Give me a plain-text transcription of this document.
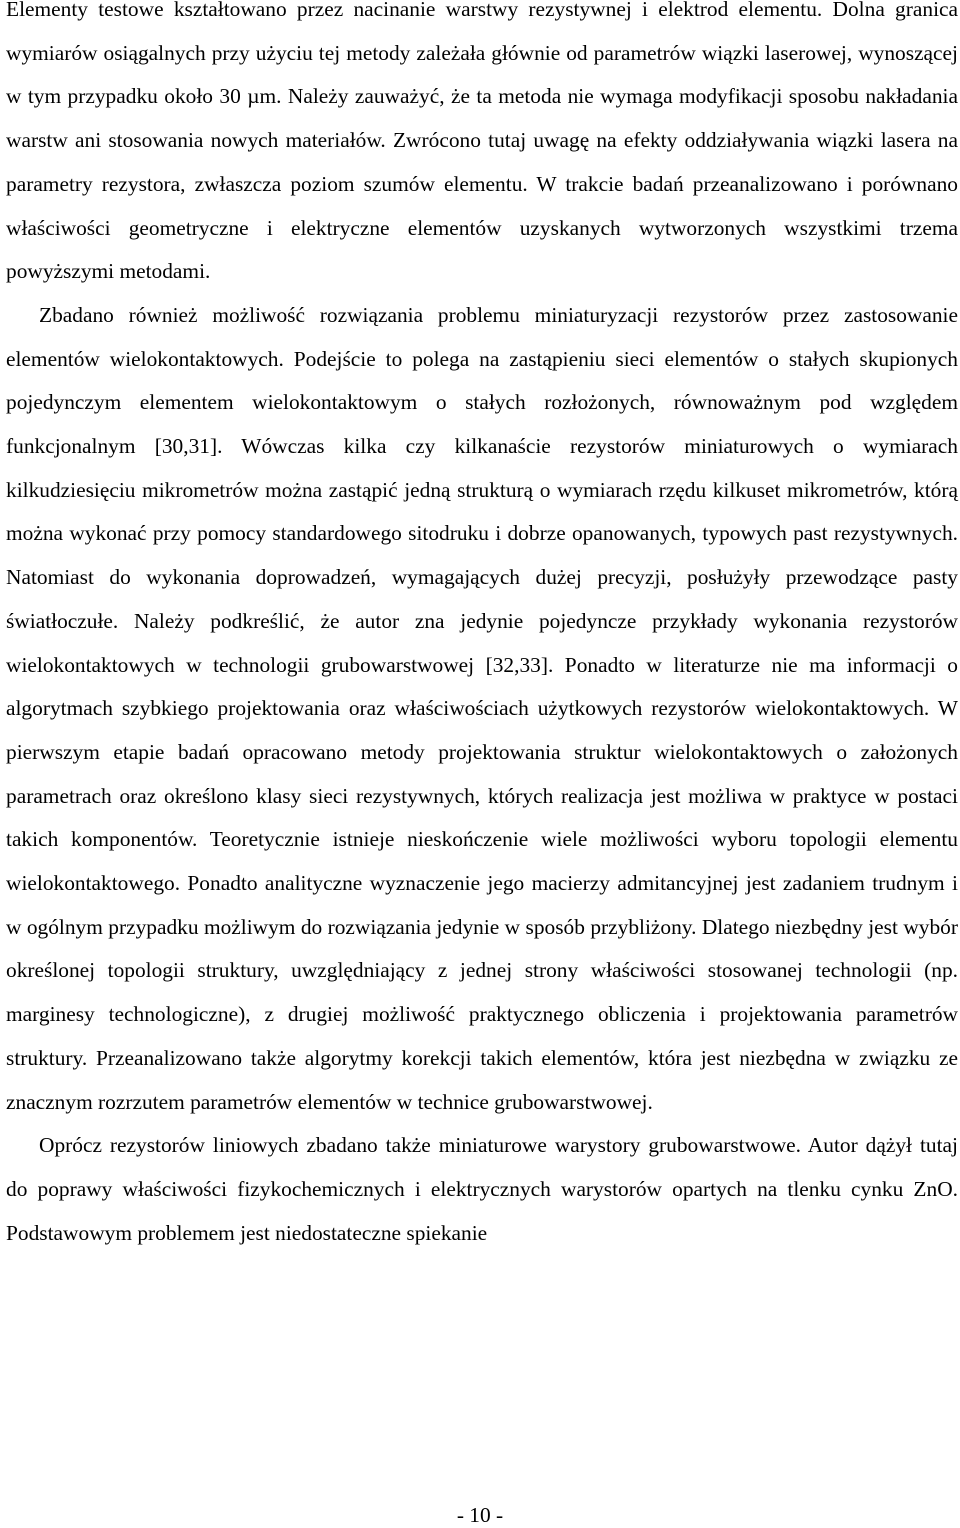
Elementy testowe kształtowano przez nacinanie warstwy rezystywnej i elektrod elementu. Dolna granica wymiarów osiągalnych przy użyciu tej metody zależała głównie od parametrów wiązki laserowej, wynoszącej w tym przypadku około 30 µm. Należy zauważyć, że ta metoda nie wymaga modyfikacji sposobu nakładania warstw ani stosowania nowych materiałów. Zwrócono tutaj uwagę na efekty oddziaływania wiązki lasera na parametry rezystora, zwłaszcza poziom szumów elementu. W trakcie badań przeanalizowano i porównano właściwości geometryczne i elektryczne elementów uzyskanych wytworzonych wszystkimi trzema powyższymi metodami.

Zbadano również możliwość rozwiązania problemu miniaturyzacji rezystorów przez zastosowanie elementów wielokontaktowych. Podejście to polega na zastąpieniu sieci elementów o stałych skupionych pojedynczym elementem wielokontaktowym o stałych rozłożonych, równoważnym pod względem funkcjonalnym [30,31]. Wówczas kilka czy kilkanaście rezystorów miniaturowych o wymiarach kilkudziesięciu mikrometrów można zastąpić jedną strukturą o wymiarach rzędu kilkuset mikrometrów, którą można wykonać przy pomocy standardowego sitodruku i dobrze opanowanych, typowych past rezystywnych. Natomiast do wykonania doprowadzeń, wymagających dużej precyzji, posłużyły przewodzące pasty światłoczułe. Należy podkreślić, że autor zna jedynie pojedyncze przykłady wykonania rezystorów wielokontaktowych w technologii grubowarstwowej [32,33]. Ponadto w literaturze nie ma informacji o algorytmach szybkiego projektowania oraz właściwościach użytkowych rezystorów wielokontaktowych. W pierwszym etapie badań opracowano metody projektowania struktur wielokontaktowych o założonych parametrach oraz określono klasy sieci rezystywnych, których realizacja jest możliwa w praktyce w postaci takich komponentów. Teoretycznie istnieje nieskończenie wiele możliwości wyboru topologii elementu wielokontaktowego. Ponadto analityczne wyznaczenie jego macierzy admitancyjnej jest zadaniem trudnym i w ogólnym przypadku możliwym do rozwiązania jedynie w sposób przybliżony. Dlatego niezbędny jest wybór określonej topologii struktury, uwzględniający z jednej strony właściwości stosowanej technologii (np. marginesy technologiczne), z drugiej możliwość praktycznego obliczenia i projektowania parametrów struktury. Przeanalizowano także algorytmy korekcji takich elementów, która jest niezbędna w związku ze znacznym rozrzutem parametrów elementów w technice grubowarstwowej.

Oprócz rezystorów liniowych zbadano także miniaturowe warystory grubowarstwowe. Autor dążył tutaj do poprawy właściwości fizykochemicznych i elektrycznych warystorów opartych na tlenku cynku ZnO. Podstawowym problemem jest niedostateczne spiekanie

- 10 -
